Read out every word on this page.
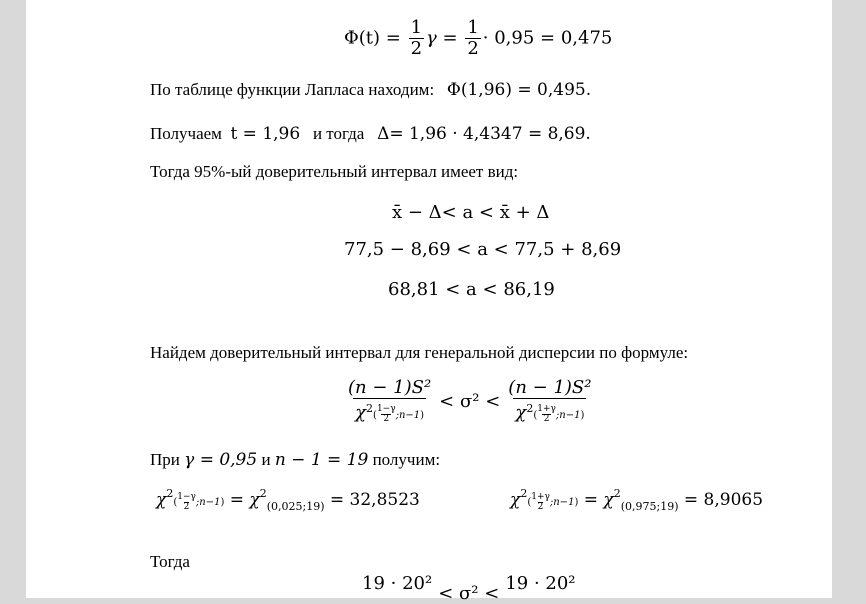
$\Phi(t) = \frac{1}{2}$ $\gamma = \frac{1}{2} \cdot 0,95 = 0,475$
По таблице функции Лапласа находим: Φ(1,96) = 0,495.
Получаем t = 1,96 и тогда Δ= 1,96 · 4,4347 = 8,69.
Тогда 95%-ый доверительный интервал имеет вид:
x̄ − Δ< a < x̄ + Δ
77,5 − 8,69 < a < 77,5 + 8,69
68,81 < a < 86,19
Найдем доверительный интервал для генеральной дисперсии по формуле:
$\frac{\text{(n − 1)S²}}{\chi^2( \frac{1-\gamma}{2} ;n-1)} < \sigma^2 < \frac{\text{(n − 1)S²}}{\chi^2( \frac{1+\gamma}{2} ;n-1)}$
При γ = 0,95 и n − 1 = 19 получим:
$\chi^2( \frac{1-\gamma}{2}$ ;n−1) = $\chi^2_{(0,025;19)} = 32,8523$	$\chi^2( \frac{1+\gamma}{2}$ ;n−1) = $\chi^2_{(0,975;19)} = 8,9065$
Тогда
19 · 20² < σ² < 19 · 20²
